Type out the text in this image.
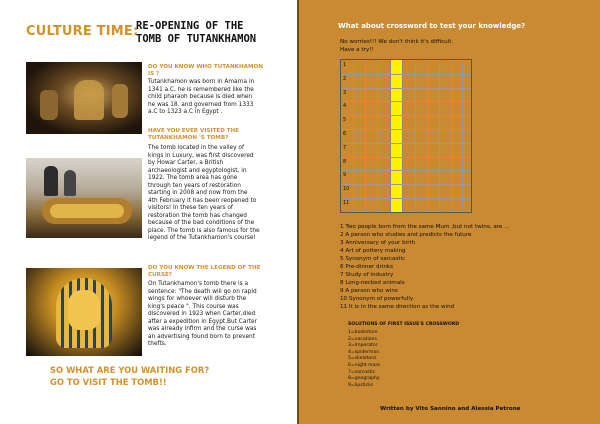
CULTURE TIME:
RE-OPENING OF THE
TOMB OF TUTANKHAMON
DO YOU KNOW WHO TUTANKHAMON
IS ?
Tutankhamon was born in Amarna in
1341 a.C. he is remembered like the
child pharaoh because is died when
he was 18. and governed from 1333
a.C to 1323 a.C in Egypt .
HAVE YOU EVER VISITED THE
TUTANKHAMON 'S TOMB?
The tomb located in the valley of
kings in Luxury, was first discovered
by Howar Carter, a British
archaeologist and egyptologist, in
1922. The tomb area has gone
through ten years of restoration
starting in 2008 and now from the
4th February it has been reopened to
visitors! In these ten years of
restoration the tomb has changed
because of the bad conditions of the
place. The tomb is also famous for the
legend of the Tutankhamon's course!
DO YOU KNOW THE LEGEND OF THE
CURSE?
On Tutankhamon's tomb there is a
sentence: "The death will go on rapid
wings for whoever will disturb the
king's peace ". This course was
discovered in 1923 when Carter,died
after a expedition in Egypt.But Carter
was already infirm and the curse was
an advertising found born to prevent
thefts.
SO WHAT ARE YOU WAITING FOR?
GO TO VISIT THE TOMB!!
What about crossword to test your knowledge?
No worries!!! We don't think it's difficult.
Have a try!!
1
2
3
4
5
6
7
8
9
10
11
1 Two people born from the same Mum ,but not twins, are ...
2 A person who studies and predicts the future
3 Anniversary of your birth
4 Art of pottery making
5 Synonym of sarcastic
6 Pre-dinner drinks
7 Study of industry
8 Long-necked animals
9 A person who wins
10 Synonym of powerfully
11 It is in the same direction as the wind
SOLUTIONS OF FIRST ISSUE'S CROSSWORD
1=bookstore
2=vacations
3=Imperator
4=spiderman
5=skeletons
6=night mare
7=sarcastic
8=geography
9=lipsticks
Written by Vito Sannino and Alessia Petrone
